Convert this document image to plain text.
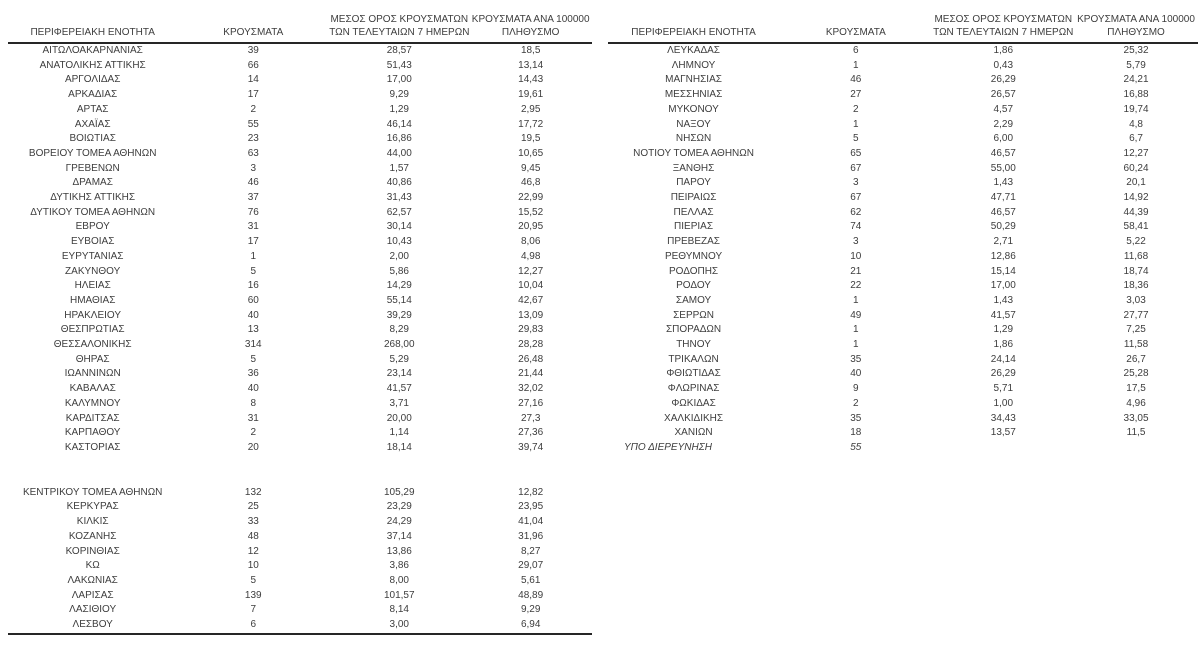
ΠΕΡΙΦΕΡΕΙΑΚΗ ΕΝΟΤΗΤΑ	ΚΡΟΥΣΜΑΤΑ	ΜΕΣΟΣ ΟΡΟΣ ΚΡΟΥΣΜΑΤΩΝ
ΤΩΝ ΤΕΛΕΥΤΑΙΩΝ 7 ΗΜΕΡΩΝ	ΚΡΟΥΣΜΑΤΑ ΑΝΑ 100000
ΠΛΗΘΥΣΜΟ
ΑΙΤΩΛΟΑΚΑΡΝΑΝΙΑΣ	39	28,57	18,5
ΑΝΑΤΟΛΙΚΗΣ ΑΤΤΙΚΗΣ	66	51,43	13,14
ΑΡΓΟΛΙΔΑΣ	14	17,00	14,43
ΑΡΚΑΔΙΑΣ	17	9,29	19,61
ΑΡΤΑΣ	2	1,29	2,95
ΑΧΑΪΑΣ	55	46,14	17,72
ΒΟΙΩΤΙΑΣ	23	16,86	19,5
ΒΟΡΕΙΟΥ ΤΟΜΕΑ ΑΘΗΝΩΝ	63	44,00	10,65
ΓΡΕΒΕΝΩΝ	3	1,57	9,45
ΔΡΑΜΑΣ	46	40,86	46,8
ΔΥΤΙΚΗΣ ΑΤΤΙΚΗΣ	37	31,43	22,99
ΔΥΤΙΚΟΥ ΤΟΜΕΑ ΑΘΗΝΩΝ	76	62,57	15,52
ΕΒΡΟΥ	31	30,14	20,95
ΕΥΒΟΙΑΣ	17	10,43	8,06
ΕΥΡΥΤΑΝΙΑΣ	1	2,00	4,98
ΖΑΚΥΝΘΟΥ	5	5,86	12,27
ΗΛΕΙΑΣ	16	14,29	10,04
ΗΜΑΘΙΑΣ	60	55,14	42,67
ΗΡΑΚΛΕΙΟΥ	40	39,29	13,09
ΘΕΣΠΡΩΤΙΑΣ	13	8,29	29,83
ΘΕΣΣΑΛΟΝΙΚΗΣ	314	268,00	28,28
ΘΗΡΑΣ	5	5,29	26,48
ΙΩΑΝΝΙΝΩΝ	36	23,14	21,44
ΚΑΒΑΛΑΣ	40	41,57	32,02
ΚΑΛΥΜΝΟΥ	8	3,71	27,16
ΚΑΡΔΙΤΣΑΣ	31	20,00	27,3
ΚΑΡΠΑΘΟΥ	2	1,14	27,36
ΚΑΣΤΟΡΙΑΣ	20	18,14	39,74

ΚΕΝΤΡΙΚΟΥ ΤΟΜΕΑ ΑΘΗΝΩΝ	132	105,29	12,82
ΚΕΡΚΥΡΑΣ	25	23,29	23,95
ΚΙΛΚΙΣ	33	24,29	41,04
ΚΟΖΑΝΗΣ	48	37,14	31,96
ΚΟΡΙΝΘΙΑΣ	12	13,86	8,27
ΚΩ	10	3,86	29,07
ΛΑΚΩΝΙΑΣ	5	8,00	5,61
ΛΑΡΙΣΑΣ	139	101,57	48,89
ΛΑΣΙΘΙΟΥ	7	8,14	9,29
ΛΕΣΒΟΥ	6	3,00	6,94
ΠΕΡΙΦΕΡΕΙΑΚΗ ΕΝΟΤΗΤΑ	ΚΡΟΥΣΜΑΤΑ	ΜΕΣΟΣ ΟΡΟΣ ΚΡΟΥΣΜΑΤΩΝ
ΤΩΝ ΤΕΛΕΥΤΑΙΩΝ 7 ΗΜΕΡΩΝ	ΚΡΟΥΣΜΑΤΑ ΑΝΑ 100000
ΠΛΗΘΥΣΜΟ
ΛΕΥΚΑΔΑΣ	6	1,86	25,32
ΛΗΜΝΟΥ	1	0,43	5,79
ΜΑΓΝΗΣΙΑΣ	46	26,29	24,21
ΜΕΣΣΗΝΙΑΣ	27	26,57	16,88
ΜΥΚΟΝΟΥ	2	4,57	19,74
ΝΑΞΟΥ	1	2,29	4,8
ΝΗΣΩΝ	5	6,00	6,7
ΝΟΤΙΟΥ ΤΟΜΕΑ ΑΘΗΝΩΝ	65	46,57	12,27
ΞΑΝΘΗΣ	67	55,00	60,24
ΠΑΡΟΥ	3	1,43	20,1
ΠΕΙΡΑΙΩΣ	67	47,71	14,92
ΠΕΛΛΑΣ	62	46,57	44,39
ΠΙΕΡΙΑΣ	74	50,29	58,41
ΠΡΕΒΕΖΑΣ	3	2,71	5,22
ΡΕΘΥΜΝΟΥ	10	12,86	11,68
ΡΟΔΟΠΗΣ	21	15,14	18,74
ΡΟΔΟΥ	22	17,00	18,36
ΣΑΜΟΥ	1	1,43	3,03
ΣΕΡΡΩΝ	49	41,57	27,77
ΣΠΟΡΑΔΩΝ	1	1,29	7,25
ΤΗΝΟΥ	1	1,86	11,58
ΤΡΙΚΑΛΩΝ	35	24,14	26,7
ΦΘΙΩΤΙΔΑΣ	40	26,29	25,28
ΦΛΩΡΙΝΑΣ	9	5,71	17,5
ΦΩΚΙΔΑΣ	2	1,00	4,96
ΧΑΛΚΙΔΙΚΗΣ	35	34,43	33,05
ΧΑΝΙΩΝ	18	13,57	11,5
ΥΠΟ ΔΙΕΡΕΥΝΗΣΗ	55		
